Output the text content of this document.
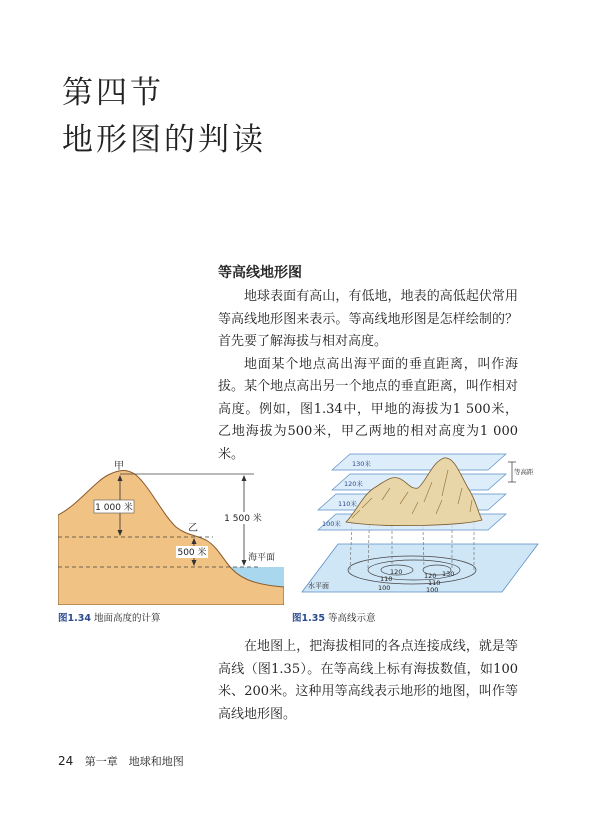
第四节
地形图的判读
等高线地形图

地球表面有高山，有低地，地表的高低起伏常用等高线地形图来表示。等高线地形图是怎样绘制的？首先要了解海拔与相对高度。

地面某个地点高出海平面的垂直距离，叫作海拔。某个地点高出另一个地点的垂直距离，叫作相对高度。例如，图1.34中，甲地的海拔为1 500米，乙地海拔为500米，甲乙两地的相对高度为1 000米。

甲
1 000 米
乙
500 米
1 500 米
海平面
图1.34 地面高度的计算
130米
120米
110米
100米
等高距
水平面
120
110
100
120
110
100
130
图1.35 等高线示意

在地图上，把海拔相同的各点连接成线，就是等高线（图1.35）。在等高线上标有海拔数值，如100米、200米。这种用等高线表示地形的地图，叫作等高线地形图。

24 第一章　地球和地图
